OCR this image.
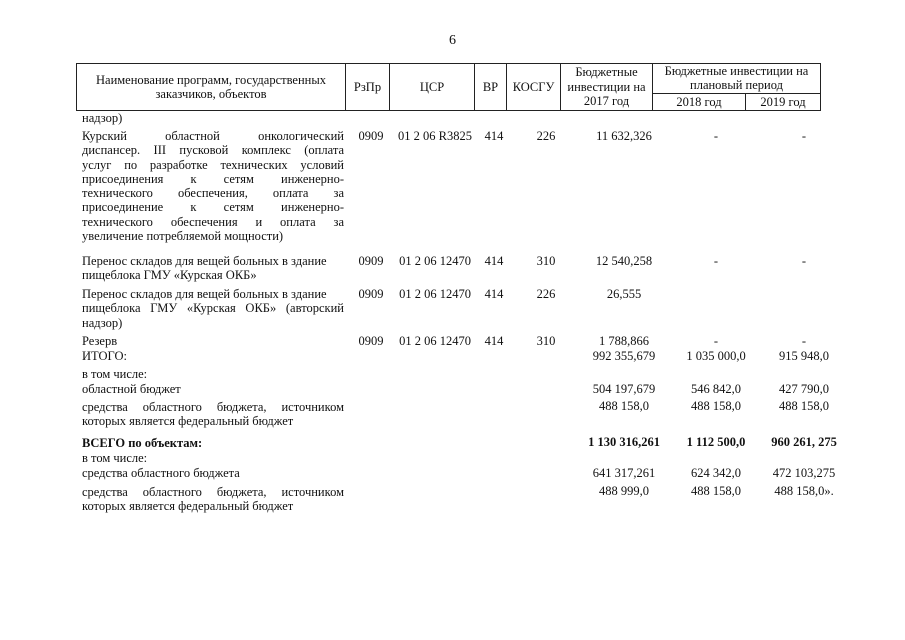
6
Наименование программ, государственных заказчиков, объектов	РзПр	ЦСР	ВР	КОСГУ	Бюджетные инвестиции на 2017 год	Бюджетные инвестиции на плановый период	
						2018 год	2019 год
надзор)
Курский областной онкологический
диспансер. III пусковой комплекс (оплата
услуг по разработке технических условий
присоединения к сетям инженерно-
технического обеспечения, оплата за
присоединение к сетям инженерно-
технического обеспечения и оплата за
увеличение потребляемой мощности)
0909	01 2 06 R3825	414	226	11 632,326	-	-
Перенос складов для вещей больных в здание
пищеблока ГМУ «Курская ОКБ»
0909	01 2 06 12470	414	310	12 540,258	-	-
Перенос складов для вещей больных в здание
пищеблока ГМУ «Курская ОКБ» (авторский
надзор)
0909	01 2 06 12470	414	226	26,555
Резерв	0909	01 2 06 12470	414	310	1 788,866	-	-
ИТОГО:	992 355,679	1 035 000,0	915 948,0
в том числе:
областной бюджет	504 197,679	546 842,0	427 790,0
средства областного бюджета, источником
которых является федеральный бюджет
488 158,0	488 158,0	488 158,0
ВСЕГО по объектам:	1 130 316,261	1 112 500,0	960 261, 275
в том числе:
средства областного бюджета	641 317,261	624 342,0	472 103,275
средства областного бюджета, источником
которых является федеральный бюджет
488 999,0	488 158,0	488 158,0».
